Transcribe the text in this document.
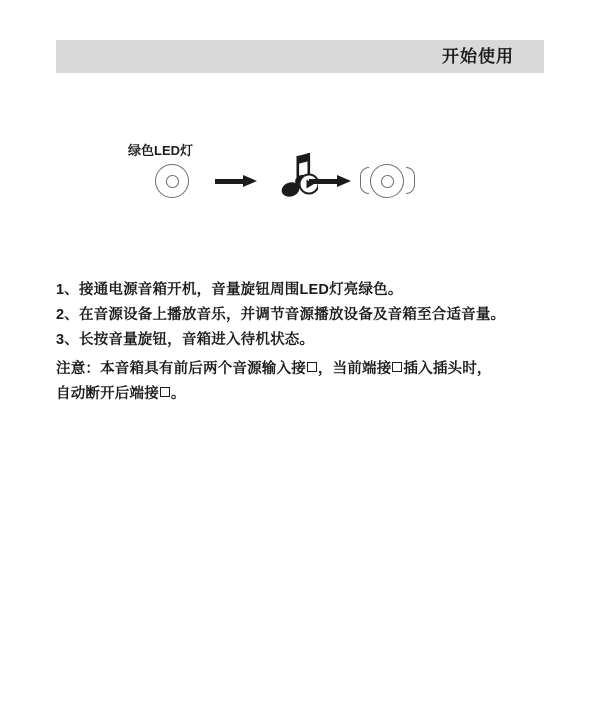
开始使用
绿色LED灯
1、接通电源音箱开机，音量旋钮周围LED灯亮绿色。
2、在音源设备上播放音乐，并调节音源播放设备及音箱至合适音量。
3、长按音量旋钮，音箱进入待机状态。
注意：本音箱具有前后两个音源输入接 ，当前端接 插入插头时，
自动断开后端接 。
